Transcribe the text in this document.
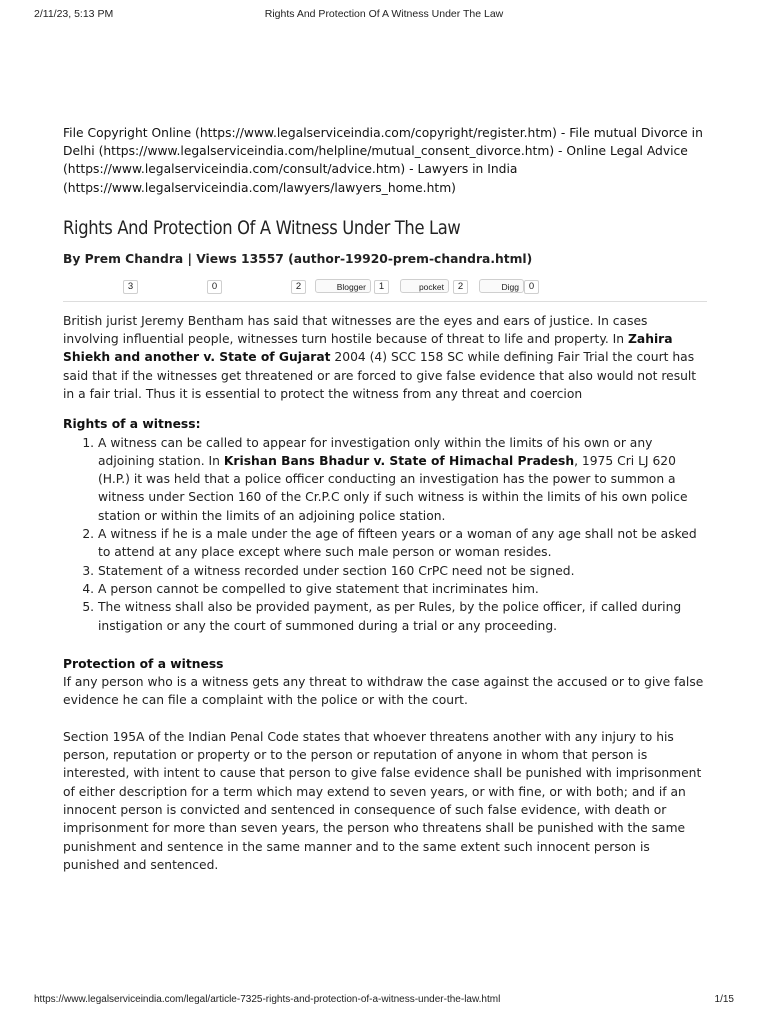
2/11/23, 5:13 PM	Rights And Protection Of A Witness Under The Law
File Copyright Online (https://www.legalserviceindia.com/copyright/register.htm) - File mutual Divorce in Delhi (https://www.legalserviceindia.com/helpline/mutual_consent_divorce.htm) - Online Legal Advice (https://www.legalserviceindia.com/consult/advice.htm) - Lawyers in India (https://www.legalserviceindia.com/lawyers/lawyers_home.htm)
Rights And Protection Of A Witness Under The Law
By Prem Chandra | Views 13557 (author-19920-prem-chandra.html)
3	0	2	Blogger	1	pocket	2	Digg	0

British jurist Jeremy Bentham has said that witnesses are the eyes and ears of justice. In cases involving influential people, witnesses turn hostile because of threat to life and property. In Zahira Shiekh and another v. State of Gujarat 2004 (4) SCC 158 SC while defining Fair Trial the court has said that if the witnesses get threatened or are forced to give false evidence that also would not result in a fair trial. Thus it is essential to protect the witness from any threat and coercion

Rights of a witness:

1. A witness can be called to appear for investigation only within the limits of his own or any adjoining station. In Krishan Bans Bhadur v. State of Himachal Pradesh, 1975 Cri LJ 620 (H.P.) it was held that a police officer conducting an investigation has the power to summon a witness under Section 160 of the Cr.P.C only if such witness is within the limits of his own police station or within the limits of an adjoining police station.
2. A witness if he is a male under the age of fifteen years or a woman of any age shall not be asked to attend at any place except where such male person or woman resides.
3. Statement of a witness recorded under section 160 CrPC need not be signed.
4. A person cannot be compelled to give statement that incriminates him.
5. The witness shall also be provided payment, as per Rules, by the police officer, if called during instigation or any the court of summoned during a trial or any proceeding.

Protection of a witness

If any person who is a witness gets any threat to withdraw the case against the accused or to give false evidence he can file a complaint with the police or with the court.

Section 195A of the Indian Penal Code states that whoever threatens another with any injury to his person, reputation or property or to the person or reputation of anyone in whom that person is interested, with intent to cause that person to give false evidence shall be punished with imprisonment of either description for a term which may extend to seven years, or with fine, or with both; and if an innocent person is convicted and sentenced in consequence of such false evidence, with death or imprisonment for more than seven years, the person who threatens shall be punished with the same punishment and sentence in the same manner and to the same extent such innocent person is punished and sentenced.

https://www.legalserviceindia.com/legal/article-7325-rights-and-protection-of-a-witness-under-the-law.html	1/15
